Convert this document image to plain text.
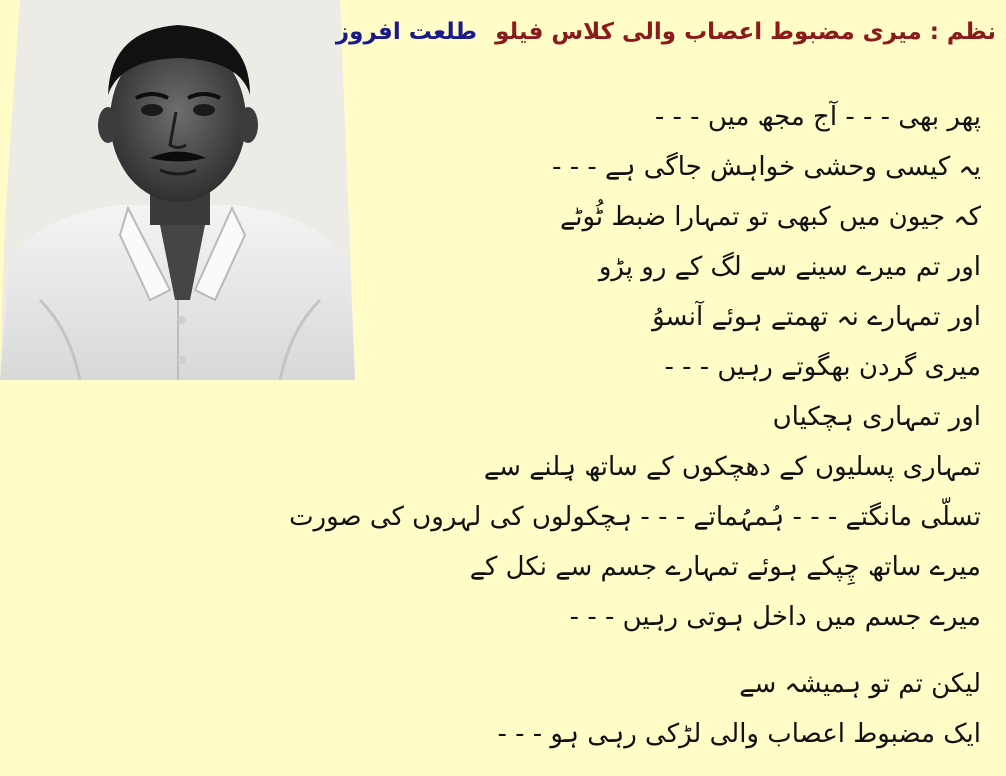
نظم : میری مضبوط اعصاب والی کلاس فیلو طلعت افروز
پھر بھی - - - آج مجھ میں - - -
یہ کیسی وحشی خواہش جاگی ہے - - -
کہ جیون میں کبھی تو تمہارا ضبط ٹُوٹے
اور تم میرے سینے سے لگ کے رو پڑو
اور تمہارے نہ تھمتے ہوئے آنسوُ
میری گردن بھگوتے رہیں - - -
اور تمہاری ہچکیاں
تمہاری پسلیوں کے دھچکوں کے ساتھ ہِلنے سے
تسلّی مانگتے - - - ہُمہُماتے - - - ہچکولوں کی لہروں کی صورت
میرے ساتھ چِپکے ہوئے تمہارے جسم سے نکل کے
میرے جسم میں داخل ہوتی رہیں - - -
لیکن تم تو ہمیشہ سے
ایک مضبوط اعصاب والی لڑکی رہی ہو - - -
